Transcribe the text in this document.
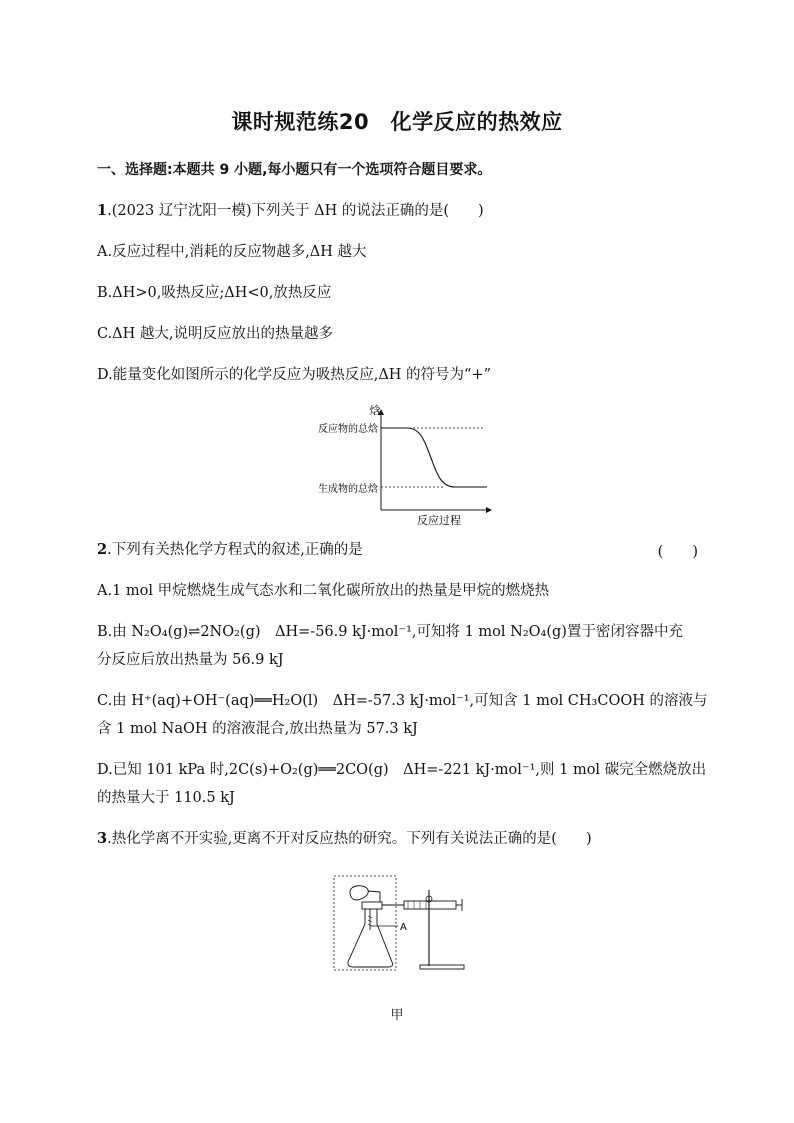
课时规范练20　化学反应的热效应
一、选择题:本题共 9 小题,每小题只有一个选项符合题目要求。
1.(2023 辽宁沈阳一模)下列关于 ΔH 的说法正确的是(　　)
A.反应过程中,消耗的反应物越多,ΔH 越大
B.ΔH>0,吸热反应;ΔH<0,放热反应
C.ΔH 越大,说明反应放出的热量越多
D.能量变化如图所示的化学反应为吸热反应,ΔH 的符号为“+”
焓
反应物的总焓
生成物的总焓
反应过程
2.下列有关热化学方程式的叙述,正确的是	(　　)
A.1 mol 甲烷燃烧生成气态水和二氧化碳所放出的热量是甲烷的燃烧热
B.由 N₂O₄(g)⇌2NO₂(g)　ΔH=-56.9 kJ·mol⁻¹,可知将 1 mol N₂O₄(g)置于密闭容器中充
分反应后放出热量为 56.9 kJ
C.由 H⁺(aq)+OH⁻(aq)══H₂O(l)　ΔH=-57.3 kJ·mol⁻¹,可知含 1 mol CH₃COOH 的溶液与
含 1 mol NaOH 的溶液混合,放出热量为 57.3 kJ
D.已知 101 kPa 时,2C(s)+O₂(g)══2CO(g)　ΔH=-221 kJ·mol⁻¹,则 1 mol 碳完全燃烧放出
的热量大于 110.5 kJ
3.热化学离不开实验,更离不开对反应热的研究。下列有关说法正确的是(　　)
A
甲
